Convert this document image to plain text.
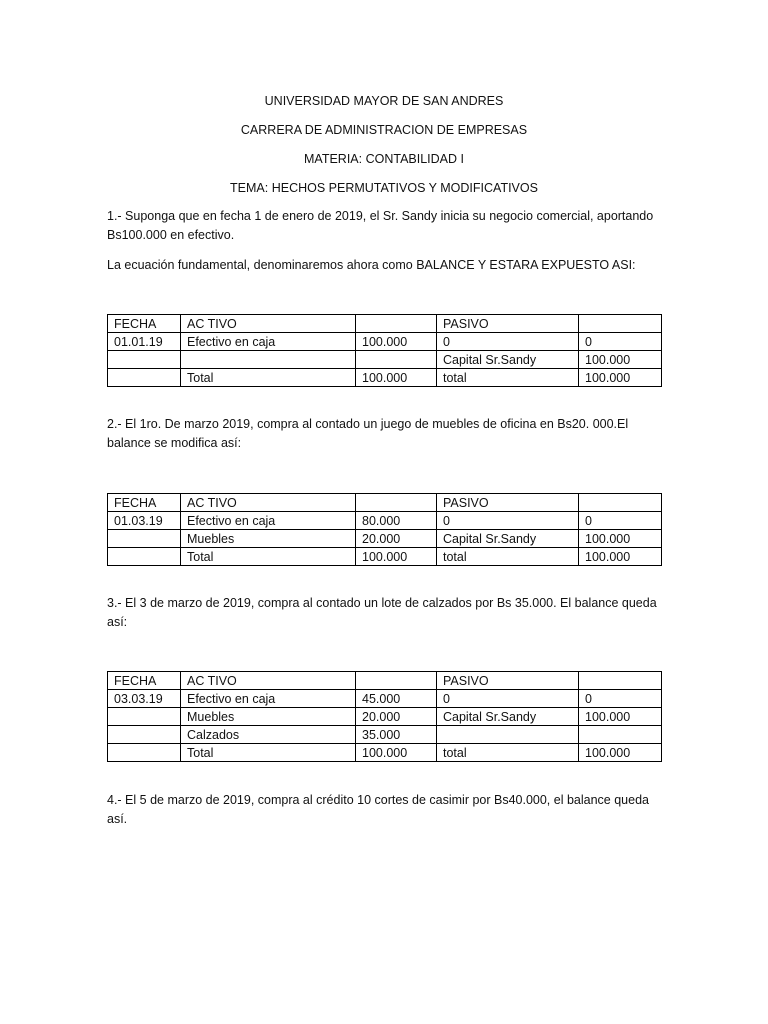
UNIVERSIDAD MAYOR DE SAN ANDRES
CARRERA DE ADMINISTRACION DE EMPRESAS
MATERIA: CONTABILIDAD I
TEMA: HECHOS PERMUTATIVOS Y MODIFICATIVOS
1.- Suponga que en fecha 1 de enero de 2019, el Sr. Sandy inicia su negocio comercial, aportando
Bs100.000 en efectivo.
La ecuación fundamental, denominaremos ahora como BALANCE Y ESTARA EXPUESTO ASI:
FECHA	AC TIVO		PASIVO	
01.01.19	Efectivo en caja	100.000	0	0
			Capital Sr.Sandy	100.000
	Total	100.000	total	100.000
2.- El 1ro. De marzo 2019, compra al contado un juego de muebles de oficina en Bs20. 000.El
balance se modifica así:
FECHA	AC TIVO		PASIVO	
01.03.19	Efectivo en caja	80.000	0	0
	Muebles	20.000	Capital Sr.Sandy	100.000
	Total	100.000	total	100.000
3.- El 3 de marzo de 2019, compra al contado un lote de calzados por Bs 35.000. El balance queda
así:
FECHA	AC TIVO		PASIVO	
03.03.19	Efectivo en caja	45.000	0	0
	Muebles	20.000	Capital Sr.Sandy	100.000
	Calzados	35.000		
	Total	100.000	total	100.000
4.- El 5 de marzo de 2019, compra al crédito 10 cortes de casimir por Bs40.000, el balance queda
así.
